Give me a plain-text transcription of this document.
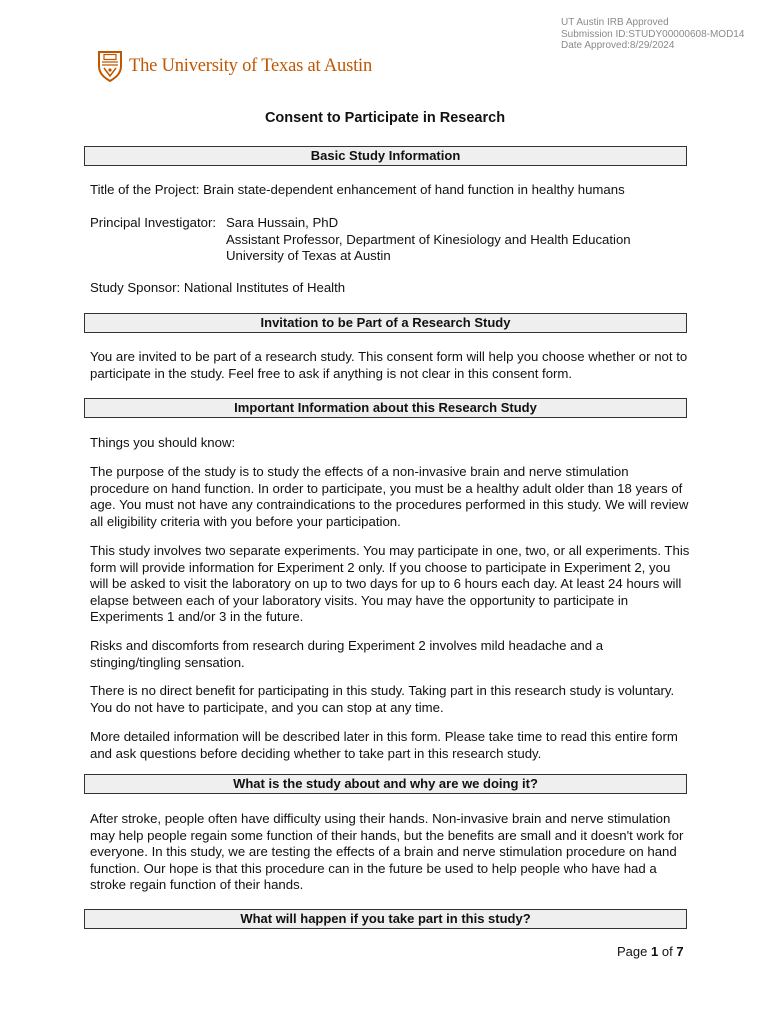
UT Austin IRB Approved
Submission ID:STUDY00000608-MOD14
Date Approved:8/29/2024
The University of Texas at Austin
Consent to Participate in Research
Basic Study Information
Title of the Project: Brain state-dependent enhancement of hand function in healthy humans
Principal Investigator: Sara Hussain, PhD
Assistant Professor, Department of Kinesiology and Health Education
University of Texas at Austin
Study Sponsor: National Institutes of Health
Invitation to be Part of a Research Study
You are invited to be part of a research study. This consent form will help you choose whether or not to participate in the study. Feel free to ask if anything is not clear in this consent form.
Important Information about this Research Study
Things you should know:
The purpose of the study is to study the effects of a non-invasive brain and nerve stimulation procedure on hand function. In order to participate, you must be a healthy adult older than 18 years of age. You must not have any contraindications to the procedures performed in this study. We will review all eligibility criteria with you before your participation.
This study involves two separate experiments. You may participate in one, two, or all experiments. This form will provide information for Experiment 2 only. If you choose to participate in Experiment 2, you will be asked to visit the laboratory on up to two days for up to 6 hours each day. At least 24 hours will elapse between each of your laboratory visits. You may have the opportunity to participate in Experiments 1 and/or 3 in the future.
Risks and discomforts from research during Experiment 2 involves mild headache and a stinging/tingling sensation.
There is no direct benefit for participating in this study. Taking part in this research study is voluntary. You do not have to participate, and you can stop at any time.
More detailed information will be described later in this form. Please take time to read this entire form and ask questions before deciding whether to take part in this research study.
What is the study about and why are we doing it?
After stroke, people often have difficulty using their hands. Non-invasive brain and nerve stimulation may help people regain some function of their hands, but the benefits are small and it doesn't work for everyone. In this study, we are testing the effects of a brain and nerve stimulation procedure on hand function. Our hope is that this procedure can in the future be used to help people who have had a stroke regain function of their hands.
What will happen if you take part in this study?
Page 1 of 7
